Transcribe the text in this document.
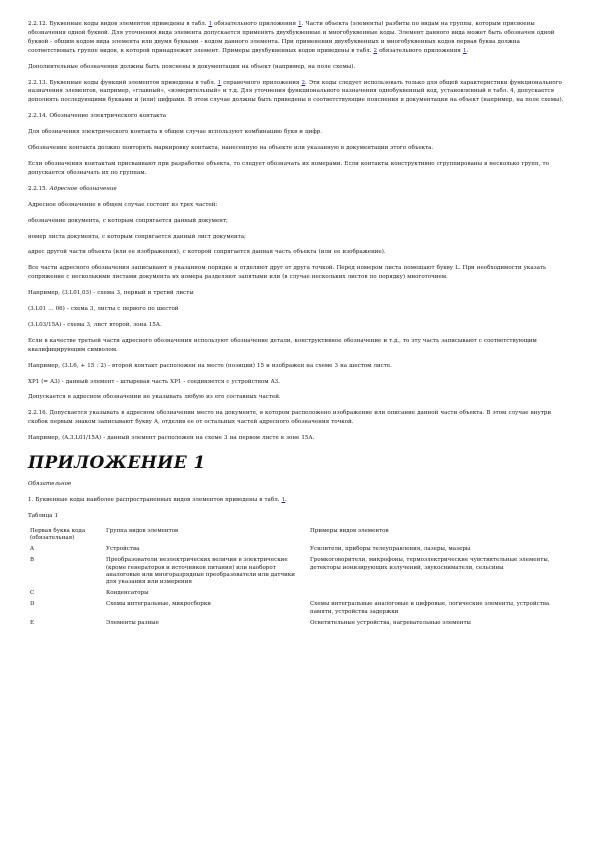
2.2.12. Буквенные коды видов элементов приведены в табл. 1 обязательного приложения 1. Части объекта (элементы) разбиты по видам на группы, которым присвоены обозначения одной буквой. Для уточнения вида элемента допускается применять двухбуквенные и многобуквенные коды. Элемент данного вида может быть обозначен одной буквой - общим кодом вида элемента или двумя буквами - кодом данного элемента. При применении двухбуквенных и многобуквенных кодов первая буква должна соответствовать группе видов, к которой принадлежит элемент. Примеры двухбуквенных кодов приведены в табл. 2 обязательного приложения 1.

Дополнительные обозначения должны быть пояснены в документации на объект (например, на поле схемы).

2.2.13. Буквенные коды функций элементов приведены в табл. 1 справочного приложения 2. Эти коды следует использовать только для общей характеристики функционального назначения элементов, например, «главный», «измерительный» и т.д. Для уточнения функционального назначения однобуквенный код, установленный в табл. 4, допускается дополнять последующими буквами и (или) цифрами. В этом случае должны быть приведены в соответствующие пояснения в документации на объект (например, на поле схемы).

2.2.14. Обозначение электрического контакта

Для обозначения электрического контакта в общем случае используют комбинацию букв и цифр.

Обозначение контакта должно повторять маркировку контакта, нанесенную на объекте или указанную в документации этого объекта.

Если обозначения контактам присваивают при разработке объекта, то следует обозначать их номерами. Если контакты конструктивно сгруппированы в несколько групп, то допускается обозначать их по группам.

2.2.15. Адресное обозначение

Адресное обозначение в общем случае состоит из трех частей:

обозначение документа, с которым сопрягается данный документ;

номер листа документа, с которым сопрягается данный лист документа;

адрес другой части объекта (или ее изображения), с которой сопрягается данная часть объекта (или ее изображение).

Все части адресного обозначения записывают в указанном порядке и отделяют друг от друга точкой. Перед номером листа помещают букву L. При необходимости указать сопряжение с несколькими листами документа их номера разделяют запятыми или (в случае нескольких листов по порядку) многоточием.

Например, (3.L01,03) - схема 3, первый и третий листы

(3.L01 ... 06) - схема 3, листы с первого по шестой

(3.L03/15A) - схема 3, лист второй, зона 15А.

Если в качестве третьей части адресного обозначения используют обозначение детали, конструктивное обозначение и т.д., то эту часть записывают с соответствующим квалифицирующим символом.

Например, (3.L6, + 15 : 2) - второй контакт расположен на месте (позиции) 15 и изображен на схеме 3 на шестом листе.

XP1 (= A3) - данный элемент - штыревая часть XP1 - соединяется с устройством A3.

Допускается в адресном обозначении не указывать любую из его составных частей.

2.2.16. Допускается указывать в адресном обозначении место на документе, в котором расположено изображение или описание данной части объекта. В этом случае внутри скобок первым знаком записывают букву A, отделив ее от остальных частей адресного обозначения точкой.

Например, (A.3.L01/15A) - данный элемент расположен на схеме 3 на первом листе в зоне 15А.

ПРИЛОЖЕНИЕ 1

Обязательное

1. Буквенные коды наиболее распространенных видов элементов приведены в табл. 1.

Таблица 1

Первая буква кода (обязательная)	Группа видов элементов	Примеры видов элементов
A	Устройства	Усилители, приборы телеуправления, лазеры, мазеры
B	Преобразователи неэлектрических величин в электрические (кроме генераторов и источников питания) или наоборот аналоговые или многоразрядные преобразователи или датчики для указания или измерения	Громкоговорители, микрофоны, термоэлектрические чувствительные элементы, детекторы ионизирующих излучений, звукосниматели, сельсины
C	Конденсаторы	
D	Схемы интегральные, микросборки	Схемы интегральные аналоговые и цифровые, логические элементы, устройства памяти, устройства задержки
E	Элементы разные	Осветительные устройства, нагревательные элементы
